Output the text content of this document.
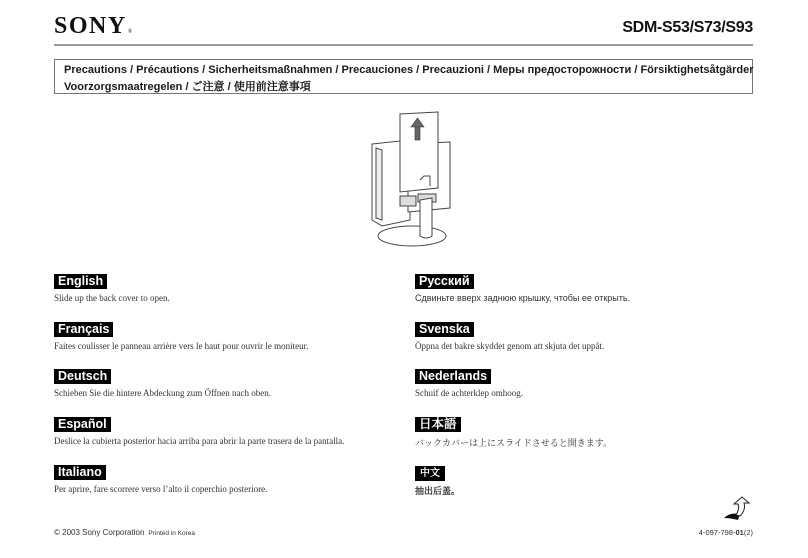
SONY®	SDM-S53/S73/S93
Precautions / Précautions / Sicherheitsmaßnahmen / Precauciones / Precauzioni / Меры предосторожности / Försiktighetsåtgärder
Voorzorgsmaatregelen / ご注意 / 使用前注意事項
English
Slide up the back cover to open.
Français
Faites coulisser le panneau arrière vers le haut pour ouvrir le moniteur.
Deutsch
Schieben Sie die hintere Abdeckung zum Öffnen nach oben.
Español
Deslice la cubierta posterior hacia arriba para abrir la parte trasera de la pantalla.
Italiano
Per aprire, fare scorrere verso l’alto il coperchio posteriore.
Русский
Сдвиньте вверх заднюю крышку, чтобы ее открыть.
Svenska
Öppna det bakre skyddet genom att skjuta det uppåt.
Nederlands
Schuif de achterklep omhoog.
日本語
バックカバーは上にスライドさせると開きます。
中文
抽出后盖。
© 2003 Sony Corporation Printed in Korea	4-097-798-01(2)
